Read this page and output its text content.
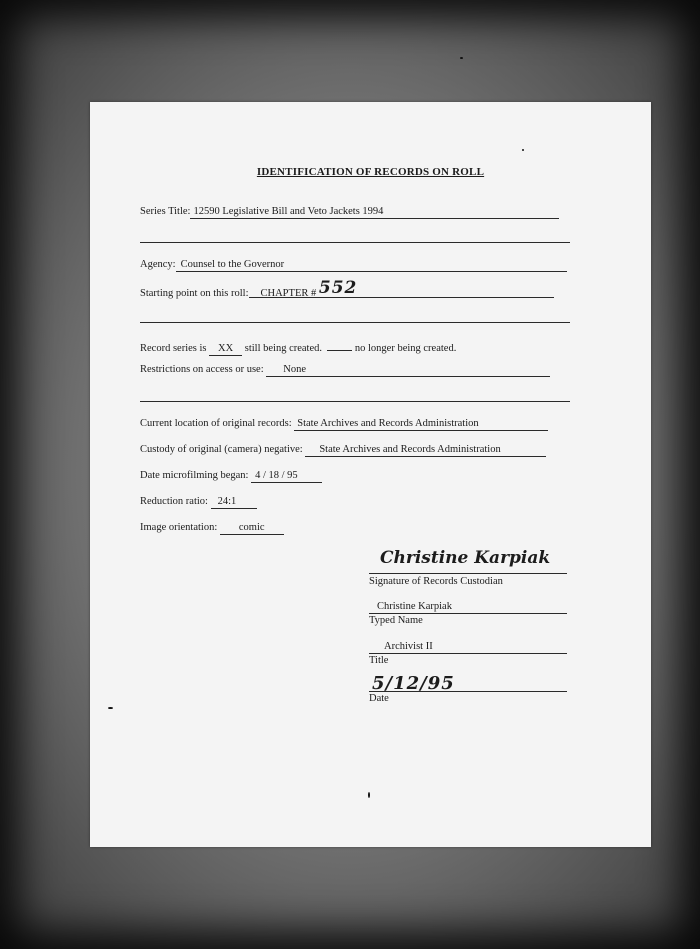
IDENTIFICATION OF RECORDS ON ROLL
Series Title: 12590 Legislative Bill and Veto Jackets 1994
Agency: Counsel to the Governor
Starting point on this roll: CHAPTER # 552
Record series is XX still being created.	no longer being created.
Restrictions on access or use: None
Current location of original records: State Archives and Records Administration
Custody of original (camera) negative: State Archives and Records Administration
Date microfilming began: 4 / 18 / 95
Reduction ratio: 24:1
Image orientation: comic
Christine Karpiak
Signature of Records Custodian
Christine Karpiak
Typed Name
Archivist II
Title
5/12/95
Date
